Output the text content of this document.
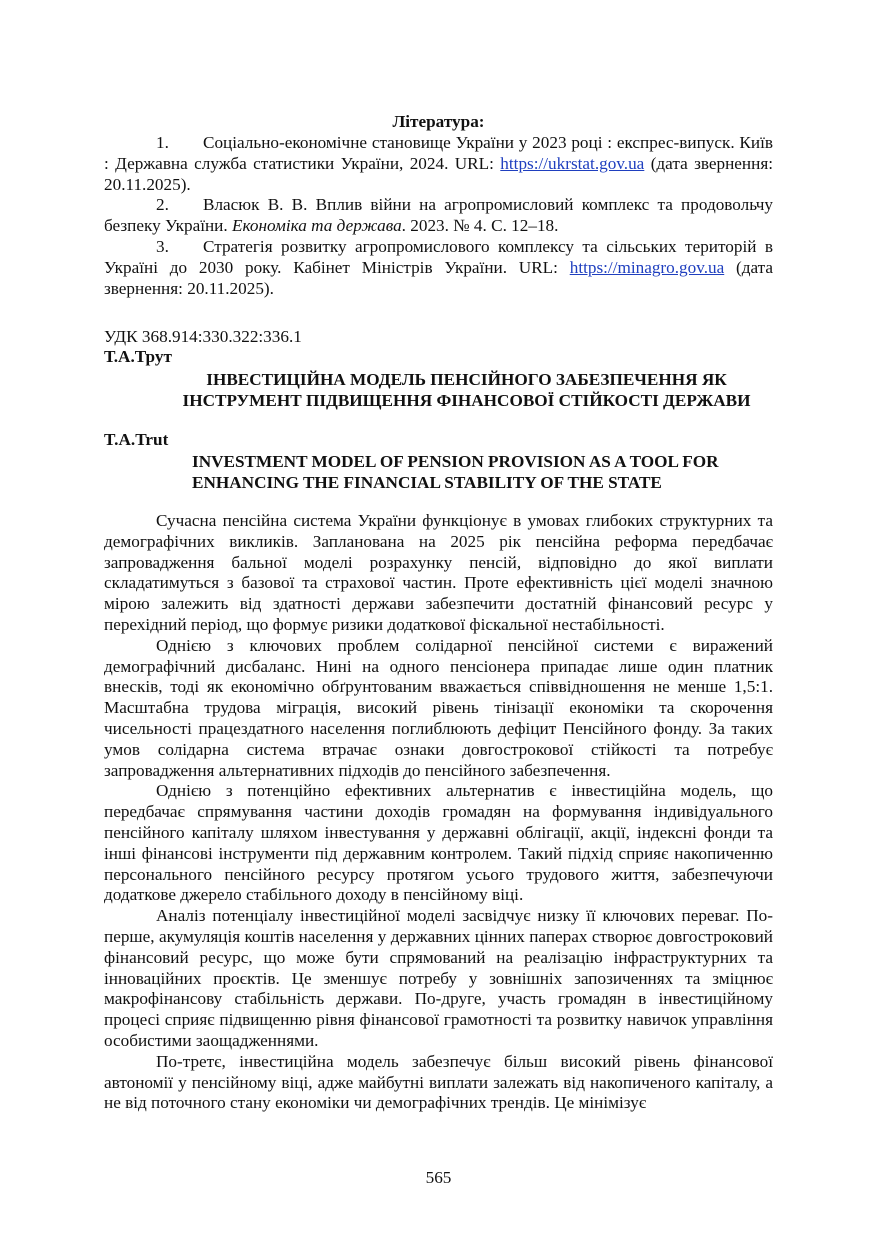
Література:

1. Соціально-економічне становище України у 2023 році : експрес-випуск. Київ : Державна служба статистики України, 2024. URL: https://ukrstat.gov.ua (дата звернення: 20.11.2025).

2. Власюк В. В. Вплив війни на агропромисловий комплекс та продовольчу безпеку України. Економіка та держава. 2023. № 4. С. 12–18.

3. Стратегія розвитку агропромислового комплексу та сільських територій в Україні до 2030 року. Кабінет Міністрів України. URL: https://minagro.gov.ua (дата звернення: 20.11.2025).

УДК 368.914:330.322:336.1
Т.А.Трут
ІНВЕСТИЦІЙНА МОДЕЛЬ ПЕНСІЙНОГО ЗАБЕЗПЕЧЕННЯ ЯК
ІНСТРУМЕНТ ПІДВИЩЕННЯ ФІНАНСОВОЇ СТІЙКОСТІ ДЕРЖАВИ
T.A.Trut
INVESTMENT MODEL OF PENSION PROVISION AS A TOOL FOR
ENHANCING THE FINANCIAL STABILITY OF THE STATE

Сучасна пенсійна система України функціонує в умовах глибоких структурних та демографічних викликів. Запланована на 2025 рік пенсійна реформа передбачає запровадження бальної моделі розрахунку пенсій, відповідно до якої виплати складатимуться з базової та страхової частин. Проте ефективність цієї моделі значною мірою залежить від здатності держави забезпечити достатній фінансовий ресурс у перехідний період, що формує ризики додаткової фіскальної нестабільності.

Однією з ключових проблем солідарної пенсійної системи є виражений демографічний дисбаланс. Нині на одного пенсіонера припадає лише один платник внесків, тоді як економічно обґрунтованим вважається співвідношення не менше 1,5:1. Масштабна трудова міграція, високий рівень тінізації економіки та скорочення чисельності працездатного населення поглиблюють дефіцит Пенсійного фонду. За таких умов солідарна система втрачає ознаки довгострокової стійкості та потребує запровадження альтернативних підходів до пенсійного забезпечення.

Однією з потенційно ефективних альтернатив є інвестиційна модель, що передбачає спрямування частини доходів громадян на формування індивідуального пенсійного капіталу шляхом інвестування у державні облігації, акції, індексні фонди та інші фінансові інструменти під державним контролем. Такий підхід сприяє накопиченню персонального пенсійного ресурсу протягом усього трудового життя, забезпечуючи додаткове джерело стабільного доходу в пенсійному віці.

Аналіз потенціалу інвестиційної моделі засвідчує низку її ключових переваг. По-перше, акумуляція коштів населення у державних цінних паперах створює довгостроковий фінансовий ресурс, що може бути спрямований на реалізацію інфраструктурних та інноваційних проєктів. Це зменшує потребу у зовнішніх запозиченнях та зміцнює макрофінансову стабільність держави. По-друге, участь громадян в інвестиційному процесі сприяє підвищенню рівня фінансової грамотності та розвитку навичок управління особистими заощадженнями.

По-третє, інвестиційна модель забезпечує більш високий рівень фінансової автономії у пенсійному віці, адже майбутні виплати залежать від накопиченого капіталу, а не від поточного стану економіки чи демографічних трендів. Це мінімізує

565
